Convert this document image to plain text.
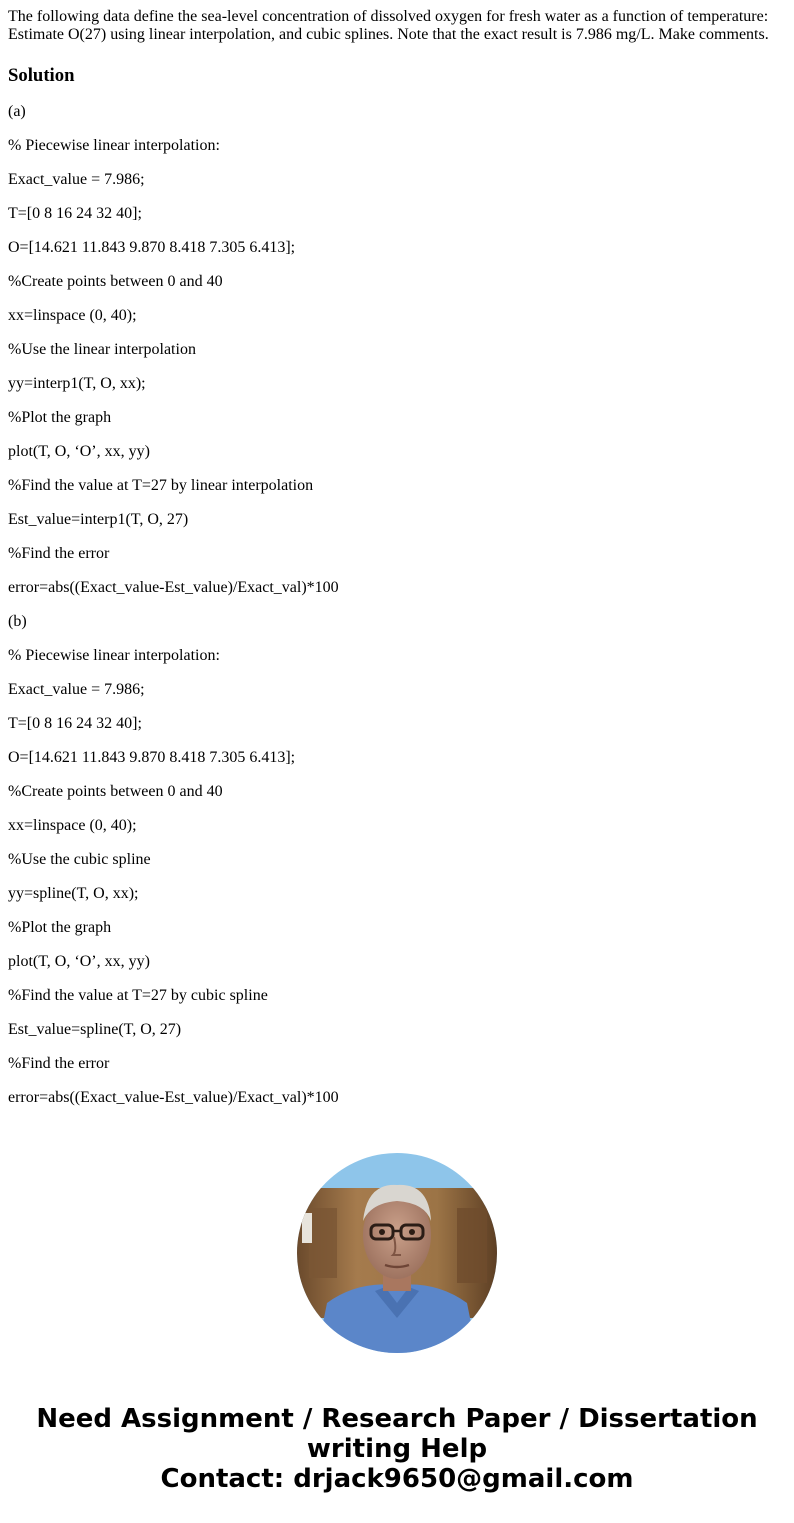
The following data define the sea-level concentration of dissolved oxygen for fresh water as a function of temperature: Estimate O(27) using linear interpolation, and cubic splines. Note that the exact result is 7.986 mg/L. Make comments.

Solution

(a)

% Piecewise linear interpolation:

Exact_value = 7.986;

T=[0 8 16 24 32 40];

O=[14.621 11.843 9.870 8.418 7.305 6.413];

%Create points between 0 and 40

xx=linspace (0, 40);

%Use the linear interpolation

yy=interp1(T, O, xx);

%Plot the graph

plot(T, O, ‘O’, xx, yy)

%Find the value at T=27 by linear interpolation

Est_value=interp1(T, O, 27)

%Find the error

error=abs((Exact_value-Est_value)/Exact_val)*100

(b)

% Piecewise linear interpolation:

Exact_value = 7.986;

T=[0 8 16 24 32 40];

O=[14.621 11.843 9.870 8.418 7.305 6.413];

%Create points between 0 and 40

xx=linspace (0, 40);

%Use the cubic spline

yy=spline(T, O, xx);

%Plot the graph

plot(T, O, ‘O’, xx, yy)

%Find the value at T=27 by cubic spline

Est_value=spline(T, O, 27)

%Find the error

error=abs((Exact_value-Est_value)/Exact_val)*100

Need Assignment / Research Paper / Dissertation
writing Help
Contact: drjack9650@gmail.com
